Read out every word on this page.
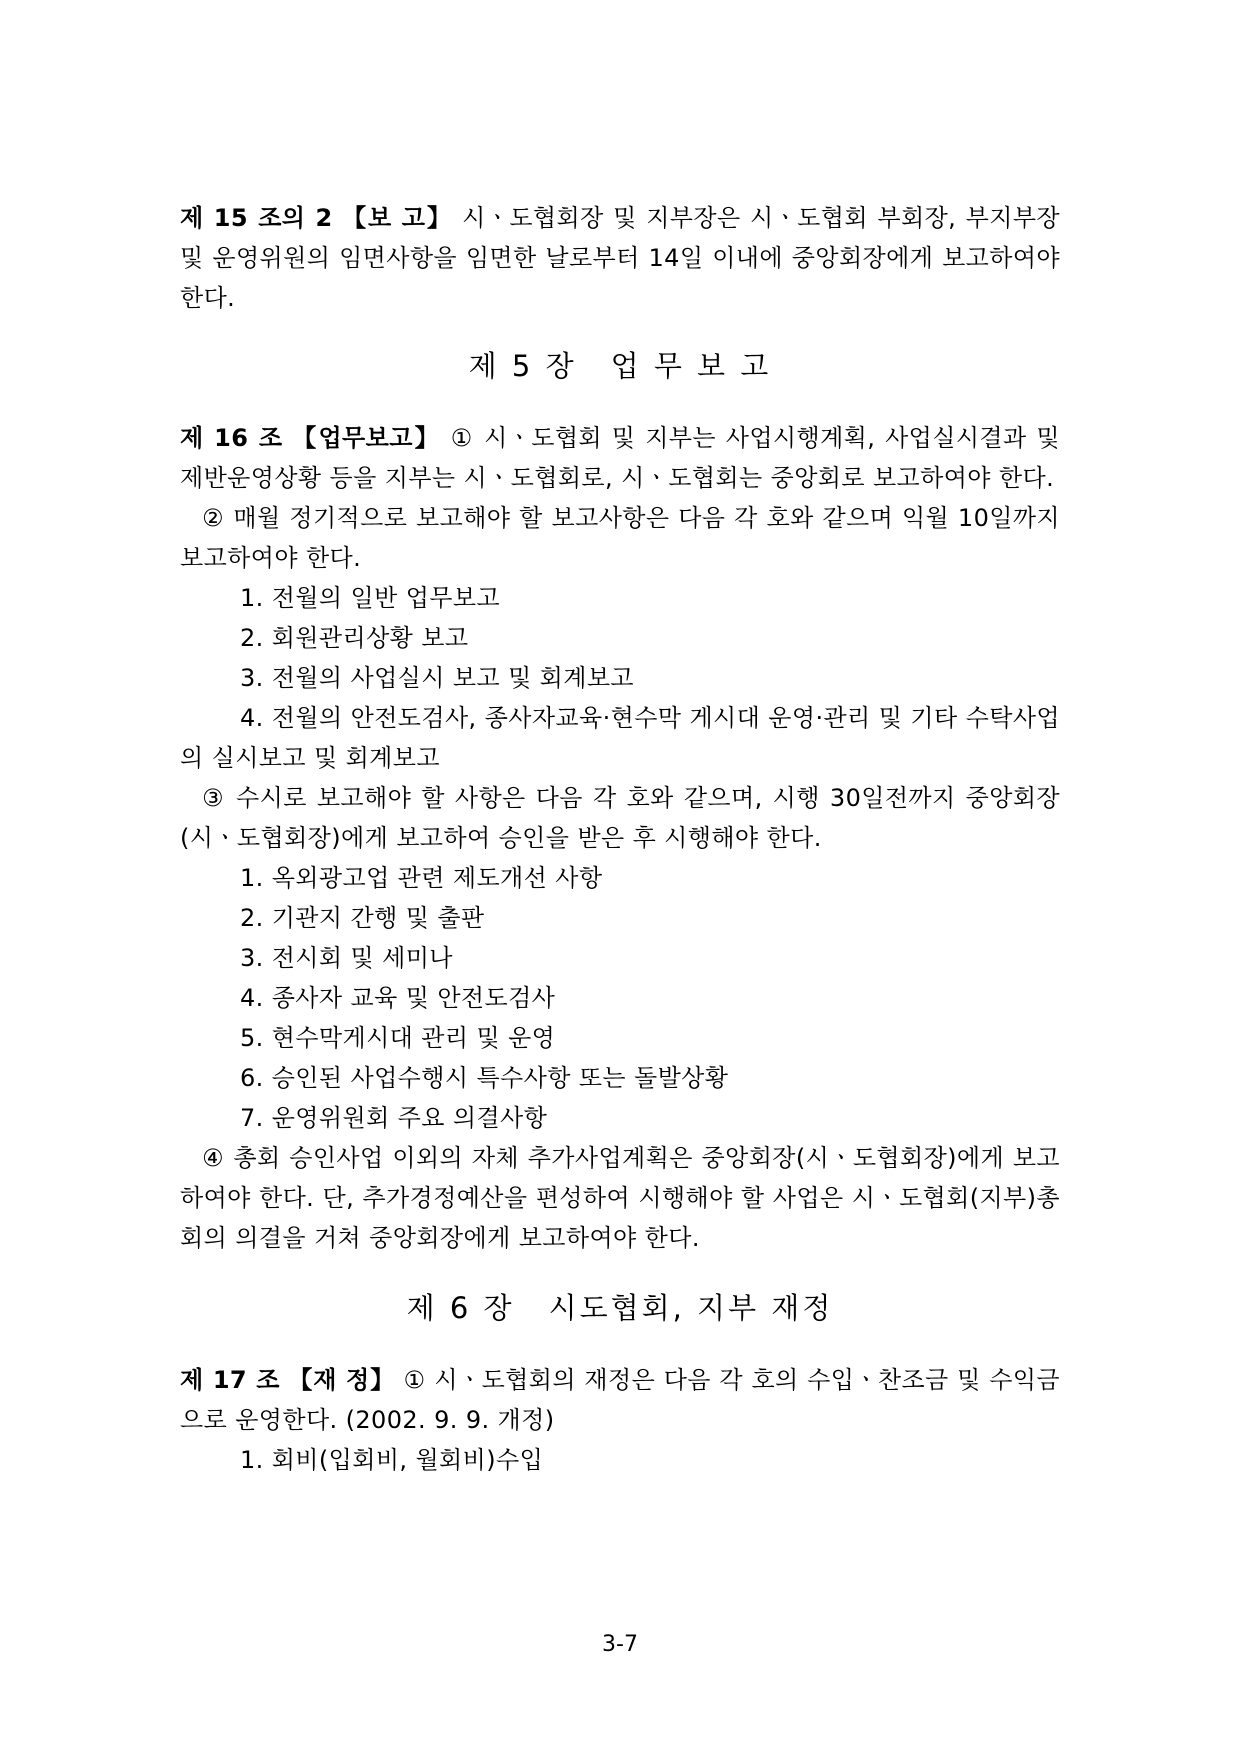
제 15 조의 2 【보 고】 시ㆍ도협회장 및 지부장은 시ㆍ도협회 부회장, 부지부장 및 운영위원의 임면사항을 임면한 날로부터 14일 이내에 중앙회장에게 보고하여야 한다.

제 5 장 업 무 보 고

제 16 조 【업무보고】 ① 시ㆍ도협회 및 지부는 사업시행계획, 사업실시결과 및 제반운영상황 등을 지부는 시ㆍ도협회로, 시ㆍ도협회는 중앙회로 보고하여야 한다.

② 매월 정기적으로 보고해야 할 보고사항은 다음 각 호와 같으며 익월 10일까지 보고하여야 한다.

1. 전월의 일반 업무보고

2. 회원관리상황 보고

3. 전월의 사업실시 보고 및 회계보고

4. 전월의 안전도검사, 종사자교육·현수막 게시대 운영·관리 및 기타 수탁사업의 실시보고 및 회계보고

③ 수시로 보고해야 할 사항은 다음 각 호와 같으며, 시행 30일전까지 중앙회장(시ㆍ도협회장)에게 보고하여 승인을 받은 후 시행해야 한다.

1. 옥외광고업 관련 제도개선 사항

2. 기관지 간행 및 출판

3. 전시회 및 세미나

4. 종사자 교육 및 안전도검사

5. 현수막게시대 관리 및 운영

6. 승인된 사업수행시 특수사항 또는 돌발상황

7. 운영위원회 주요 의결사항

④ 총회 승인사업 이외의 자체 추가사업계획은 중앙회장(시ㆍ도협회장)에게 보고하여야 한다. 단, 추가경정예산을 편성하여 시행해야 할 사업은 시ㆍ도협회(지부)총회의 의결을 거쳐 중앙회장에게 보고하여야 한다.

제 6 장 시도협회, 지부 재정

제 17 조 【재 정】 ① 시ㆍ도협회의 재정은 다음 각 호의 수입ㆍ찬조금 및 수익금으로 운영한다. (2002. 9. 9. 개정)

1. 회비(입회비, 월회비)수입

3-7
